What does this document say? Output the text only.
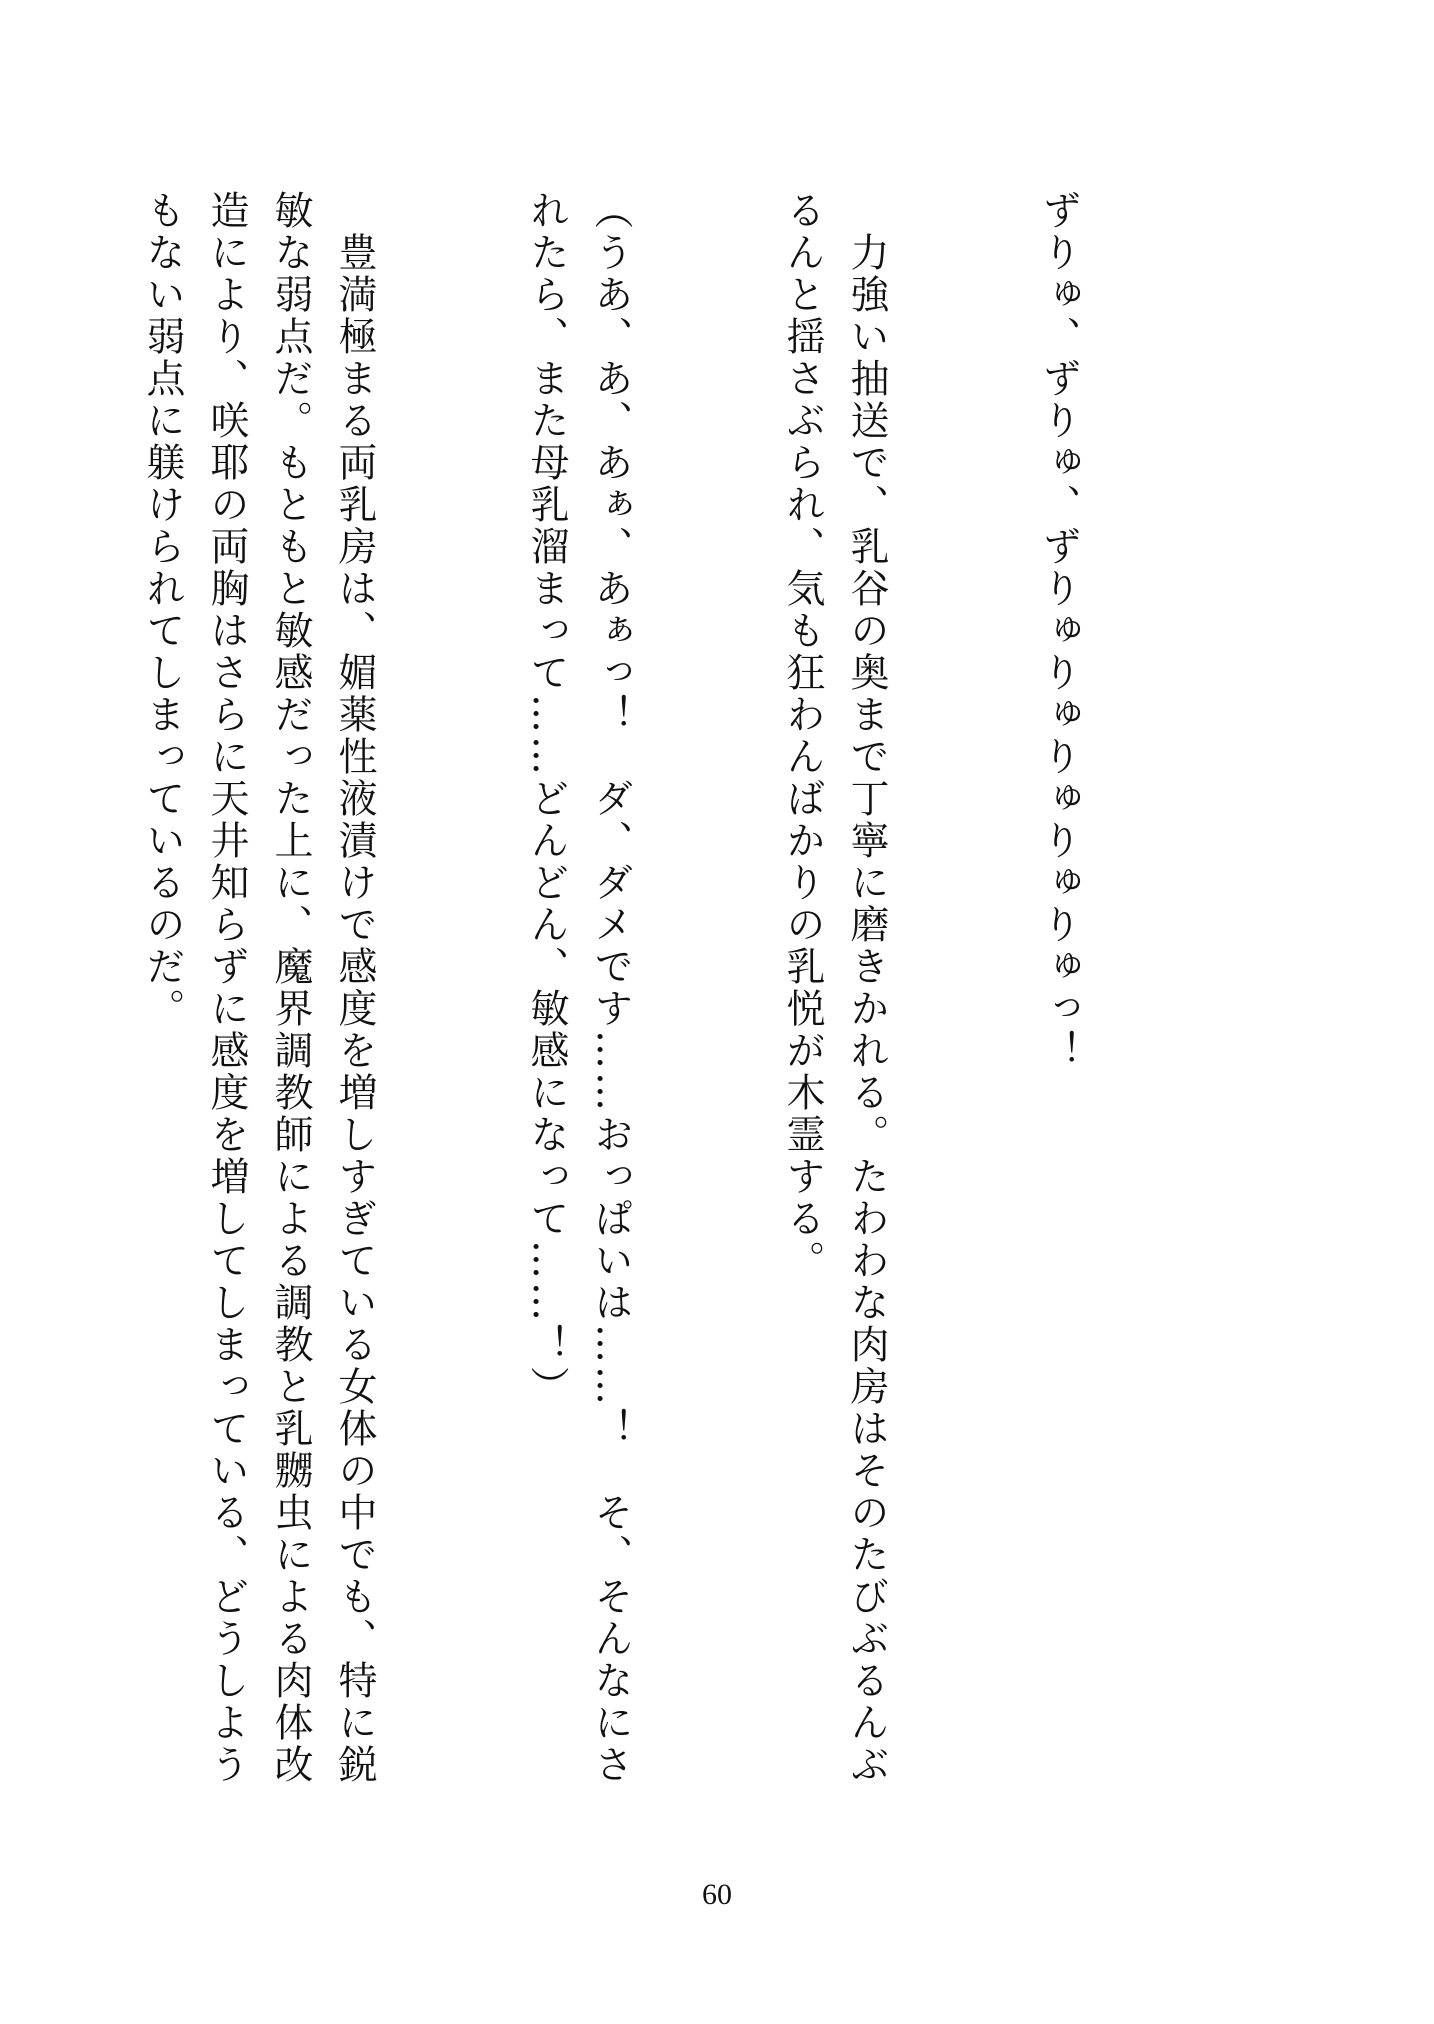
ずりゅ、ずりゅ、ずりゅりゅりゅりゅりゅっ！

　力強い抽送で、乳谷の奥まで丁寧に磨きかれる。たわわな肉房はそのたびぶるんぶるんと揺さぶられ、気も狂わんばかりの乳悦が木霊する。

（うあ、あ、あぁ、あぁっ！　ダ、ダメです……おっぱいは……！　そ、そんなにされたら、また母乳溜まって……どんどん、敏感になって……！）

　豊満極まる両乳房は、媚薬性液漬けで感度を増しすぎている女体の中でも、特に鋭敏な弱点だ。もともと敏感だった上に、魔界調教師による調教と乳嬲虫による肉体改造により、咲耶の両胸はさらに天井知らずに感度を増してしまっている、どうしようもない弱点に躾けられてしまっているのだ。

60
